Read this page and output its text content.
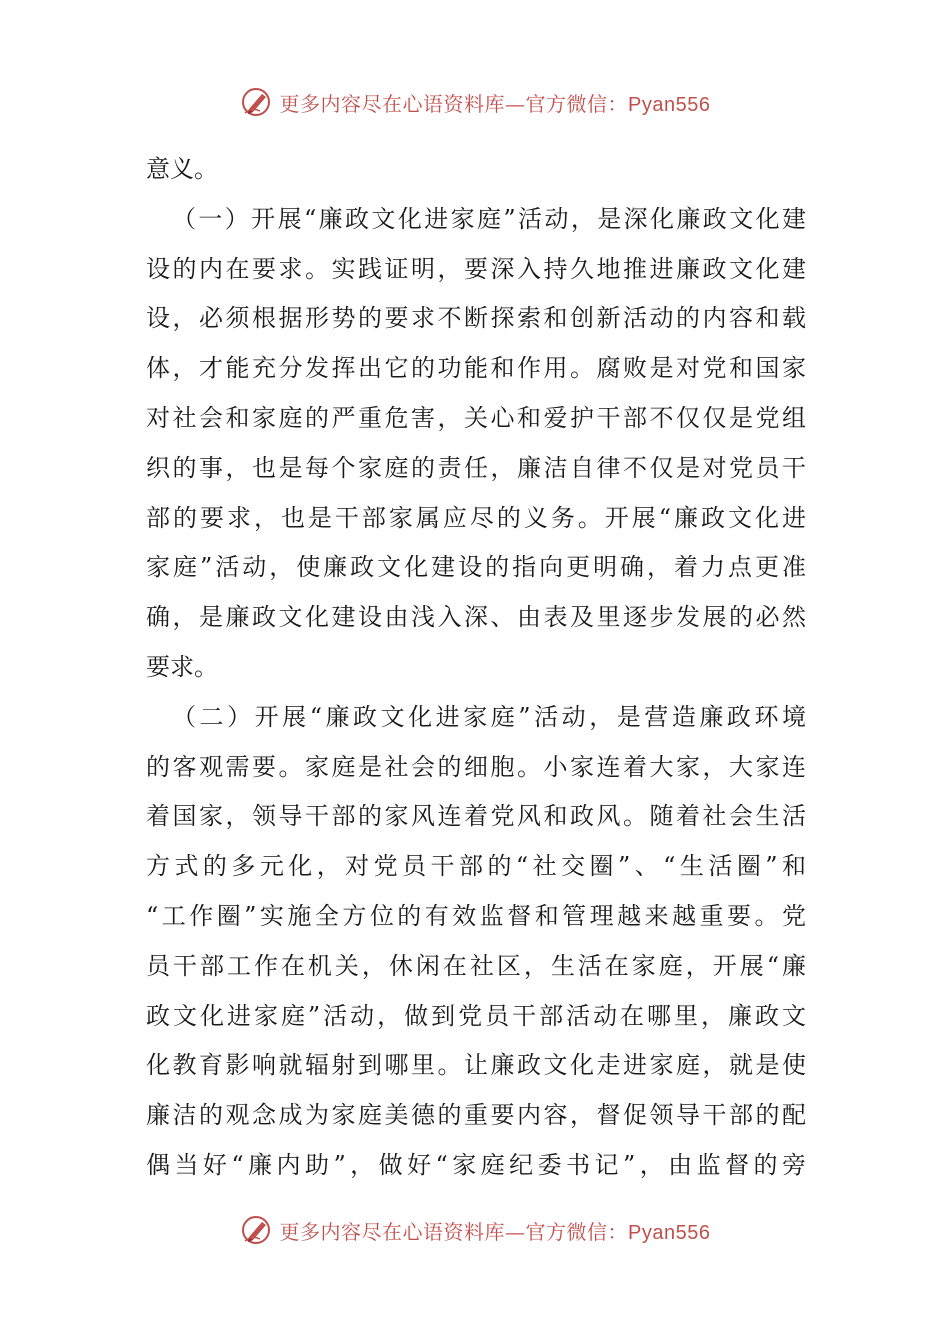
更多内容尽在心语资料库—官方微信：Pyan556
意义。
（一）开展“廉政文化进家庭”活动，是深化廉政文化建
设的内在要求。实践证明，要深入持久地推进廉政文化建
设，必须根据形势的要求不断探索和创新活动的内容和载
体，才能充分发挥出它的功能和作用。腐败是对党和国家
对社会和家庭的严重危害，关心和爱护干部不仅仅是党组
织的事，也是每个家庭的责任，廉洁自律不仅是对党员干
部的要求，也是干部家属应尽的义务。开展“廉政文化进
家庭”活动，使廉政文化建设的指向更明确，着力点更准
确，是廉政文化建设由浅入深、由表及里逐步发展的必然
要求。
（二）开展“廉政文化进家庭”活动，是营造廉政环境
的客观需要。家庭是社会的细胞。小家连着大家，大家连
着国家，领导干部的家风连着党风和政风。随着社会生活
方式的多元化，对党员干部的“社交圈”、“生活圈”和
“工作圈”实施全方位的有效监督和管理越来越重要。党
员干部工作在机关，休闲在社区，生活在家庭，开展“廉
政文化进家庭”活动，做到党员干部活动在哪里，廉政文
化教育影响就辐射到哪里。让廉政文化走进家庭，就是使
廉洁的观念成为家庭美德的重要内容，督促领导干部的配
偶当好“廉内助”，做好“家庭纪委书记”，由监督的旁
更多内容尽在心语资料库—官方微信：Pyan556
